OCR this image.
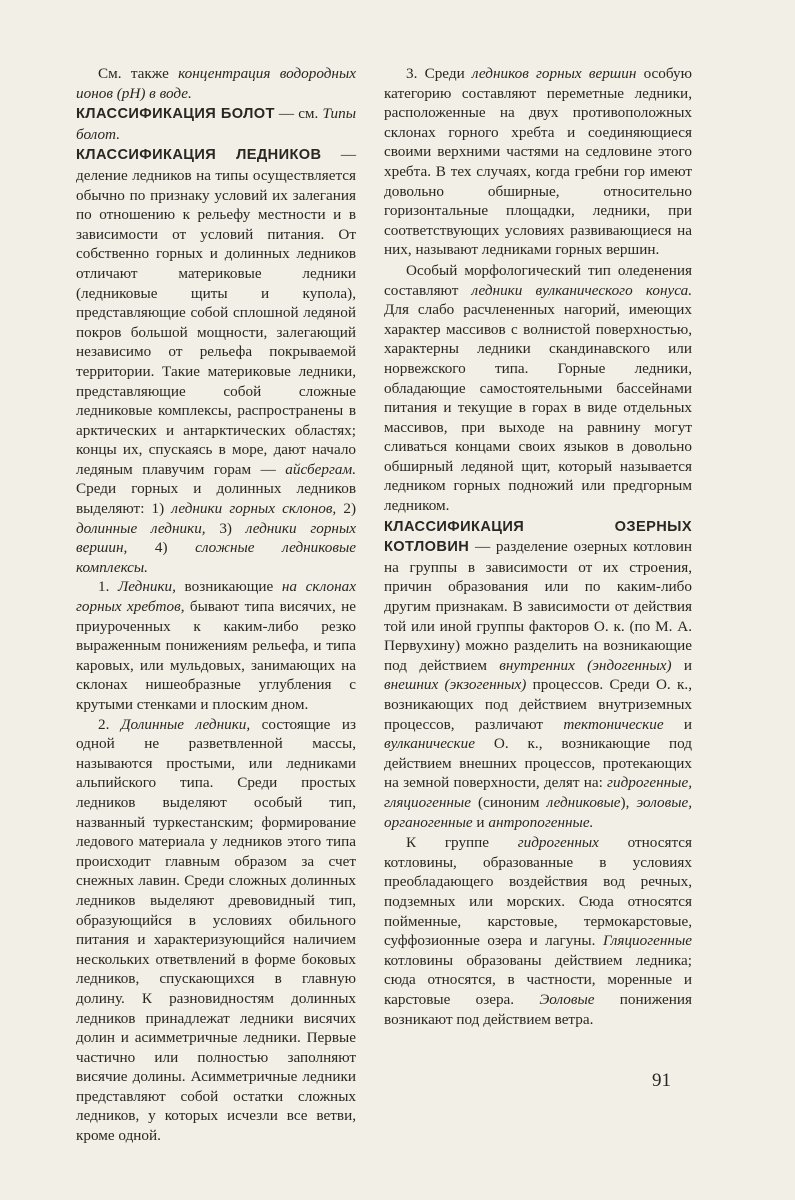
См. также концентрация водородных ионов (pH) в воде.

КЛАССИФИКАЦИЯ БОЛОТ — см. Типы болот.

КЛАССИФИКАЦИЯ ЛЕДНИКОВ — деление ледников на типы осуществляется обычно по признаку условий их залегания по отношению к рельефу местности и в зависимости от условий питания. От собственно горных и долинных ледников отличают материковые ледники (ледниковые щиты и купола), представляющие собой сплошной ледяной покров большой мощности, залегающий независимо от рельефа покрываемой территории. Такие материковые ледники, представляющие собой сложные ледниковые комплексы, распространены в арктических и антарктических областях; концы их, спускаясь в море, дают начало ледяным плавучим горам — айсбергам. Среди горных и долинных ледников выделяют: 1) ледники горных склонов, 2) долинные ледники, 3) ледники горных вершин, 4) сложные ледниковые комплексы.

1. Ледники, возникающие на склонах горных хребтов, бывают типа висячих, не приуроченных к каким-либо резко выраженным понижениям рельефа, и типа каровых, или мульдовых, занимающих на склонах нишеобразные углубления с крутыми стенками и плоским дном.

2. Долинные ледники, состоящие из одной не разветвленной массы, называются простыми, или ледниками альпийского типа. Среди простых ледников выделяют особый тип, названный туркестанским; формирование ледового материала у ледников этого типа происходит главным образом за счет снежных лавин. Среди сложных долинных ледников выделяют древовидный тип, образующийся в условиях обильного питания и характеризующийся наличием нескольких ответвлений в форме боковых ледников, спускающихся в главную долину. К разновидностям долинных ледников принадлежат ледники висячих долин и асимметричные ледники. Первые частично или полностью заполняют висячие долины. Асимметричные ледники представляют собой остатки сложных ледников, у которых исчезли все ветви, кроме одной.

3. Среди ледников горных вершин особую категорию составляют переметные ледники, расположенные на двух противоположных склонах горного хребта и соединяющиеся своими верхними частями на седловине этого хребта. В тех случаях, когда гребни гор имеют довольно обширные, относительно горизонтальные площадки, ледники, при соответствующих условиях развивающиеся на них, называют ледниками горных вершин.

Особый морфологический тип оледенения составляют ледники вулканического конуса. Для слабо расчлененных нагорий, имеющих характер массивов с волнистой поверхностью, характерны ледники скандинавского или норвежского типа. Горные ледники, обладающие самостоятельными бассейнами питания и текущие в горах в виде отдельных массивов, при выходе на равнину могут сливаться концами своих языков в довольно обширный ледяной щит, который называется ледником горных подножий или предгорным ледником.

КЛАССИФИКАЦИЯ ОЗЕРНЫХ КОТЛОВИН — разделение озерных котловин на группы в зависимости от их строения, причин образования или по каким-либо другим признакам. В зависимости от действия той или иной группы факторов О. к. (по М. А. Первухину) можно разделить на возникающие под действием внутренних (эндогенных) и внешних (экзогенных) процессов. Среди О. к., возникающих под действием внутриземных процессов, различают тектонические и вулканические О. к., возникающие под действием внешних процессов, протекающих на земной поверхности, делят на: гидрогенные, гляциогенные (синоним ледниковые), эоловые, органогенные и антропогенные.

К группе гидрогенных относятся котловины, образованные в условиях преобладающего воздействия вод речных, подземных или морских. Сюда относятся пойменные, карстовые, термокарстовые, суффозионные озера и лагуны. Гляциогенные котловины образованы действием ледника; сюда относятся, в частности, моренные и карстовые озера. Эоловые понижения возникают под действием ветра.

91
